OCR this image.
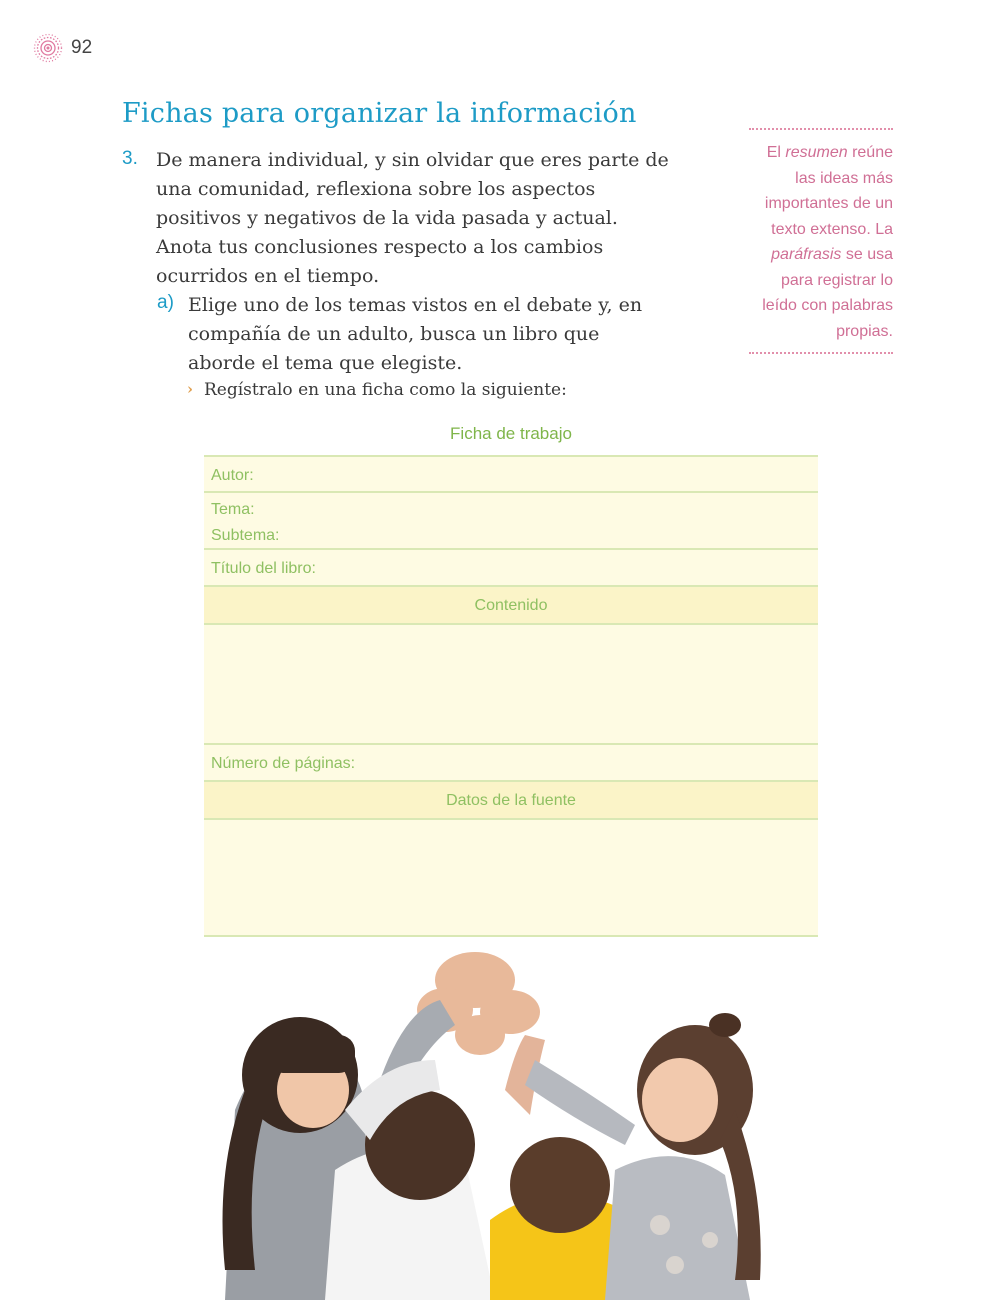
92
Fichas para organizar la información
El resumen reúne las ideas más importantes de un texto extenso. La paráfrasis se usa para registrar lo leído con palabras propias.
3. De manera individual, y sin olvidar que eres parte de una comunidad, reflexiona sobre los aspectos positivos y negativos de la vida pasada y actual. Anota tus conclusiones respecto a los cambios ocurridos en el tiempo.
a) Elige uno de los temas vistos en el debate y, en compañía de un adulto, busca un libro que aborde el tema que elegiste.
› Regístralo en una ficha como la siguiente:
Ficha de trabajo
Autor:
Tema:
Subtema:
Título del libro:
Contenido
Número de páginas:
Datos de la fuente
